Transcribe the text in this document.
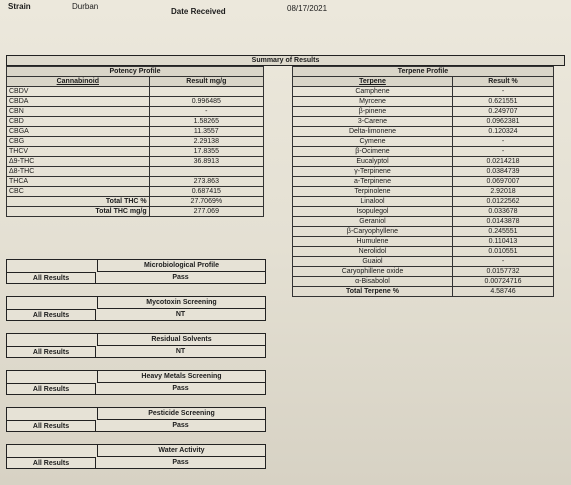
Strain	Durban
Date Received	08/17/2021
Summary of Results
Potency Profile	
Cannabinoid	Result mg/g
CBDV	
CBDA	0.996485
CBN	-
CBD	1.58265
CBGA	11.3557
CBG	2.29138
THCV	17.8355
Δ9-THC	36.8913
Δ8-THC	
THCA	273.863
CBC	0.687415
Total THC %	27.7069%
Total THC mg/g	277.069
Terpene Profile	
Terpene	Result %
Camphene	-
Myrcene	0.621551
β-pinene	0.249707
3-Carene	0.0962381
Delta-limonene	0.120324
Cymene	-
β-Ocimene	-
Eucalyptol	0.0214218
γ-Terpinene	0.0384739
a-Terpinene	0.0697007
Terpinolene	2.92018
Linalool	0.0122562
Isopulegol	0.033678
Geraniol	0.0143878
β-Caryophyllene	0.245551
Humulene	0.110413
Nerolidol	0.010551
Guaiol	-
Caryophillene oxide	0.0157732
α-Bisabolol	0.00724716
Total Terpene %	4.58746
Microbiological Profile
All Results	Pass
Mycotoxin Screening
All Results	NT
Residual Solvents
All Results	NT
Heavy Metals Screening
All Results	Pass
Pesticide Screening
All Results	Pass
Water Activity
All Results	Pass
